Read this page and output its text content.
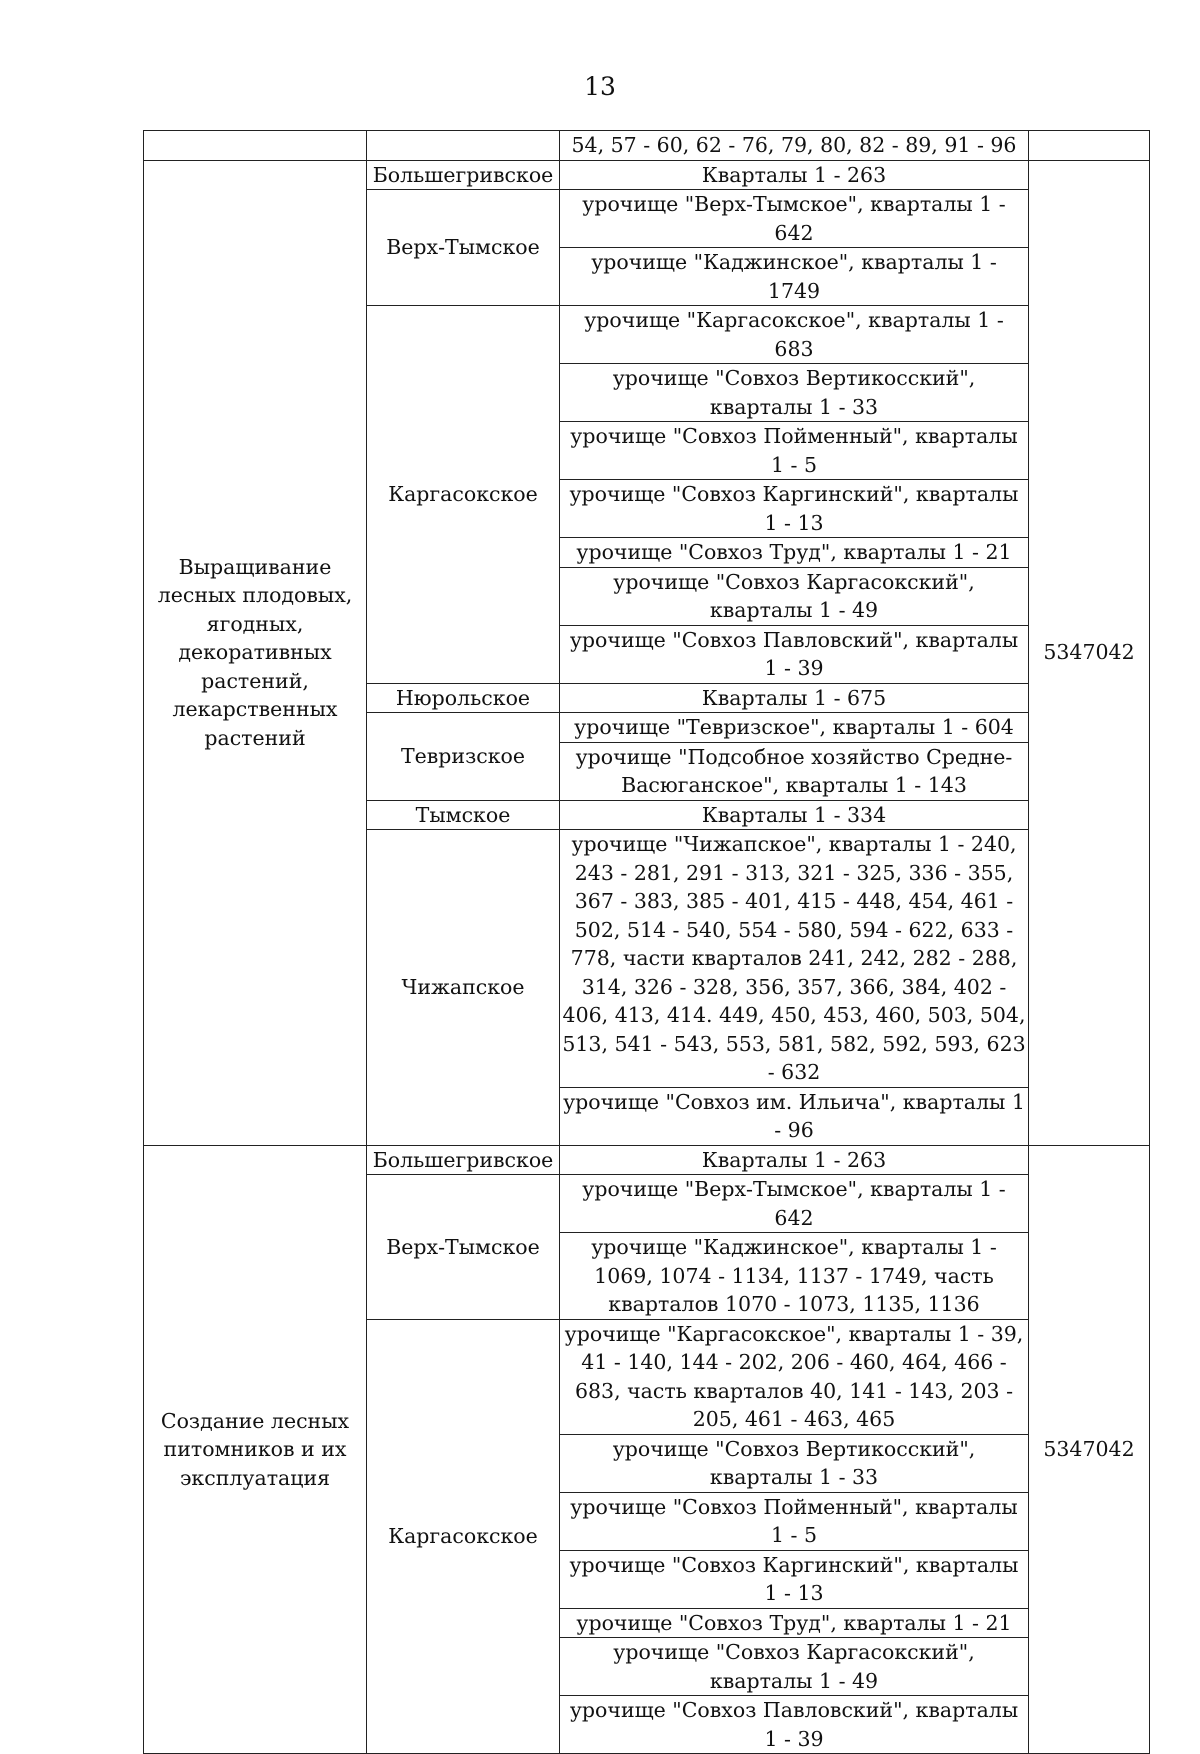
13
		54, 57 - 60, 62 - 76, 79, 80, 82 - 89, 91 - 96	
Выращивание лесных плодовых, ягодных, декоративных растений, лекарственных растений	Большегривское	Кварталы 1 - 263	5347042
	Верх-Тымское	урочище "Верх-Тымское", кварталы 1 - 642	
		урочище "Каджинское", кварталы 1 - 1749	
	Каргасокское	урочище "Каргасокское", кварталы 1 - 683	
		урочище "Совхоз Вертикосский", кварталы 1 - 33	
		урочище "Совхоз Пойменный", кварталы 1 - 5	
		урочище "Совхоз Каргинский", кварталы 1 - 13	
		урочище "Совхоз Труд", кварталы 1 - 21	
		урочище "Совхоз Каргасокский", кварталы 1 - 49	
		урочище "Совхоз Павловский", кварталы 1 - 39	
	Нюрольское	Кварталы 1 - 675	
	Тевризское	урочище "Тевризское", кварталы 1 - 604	
		урочище "Подсобное хозяйство Средне-Васюганское", кварталы 1 - 143	
	Тымское	Кварталы 1 - 334	
	Чижапское	урочище "Чижапское", кварталы 1 - 240, 243 - 281, 291 - 313, 321 - 325, 336 - 355, 367 - 383, 385 - 401, 415 - 448, 454, 461 - 502, 514 - 540, 554 - 580, 594 - 622, 633 - 778, части кварталов 241, 242, 282 - 288, 314, 326 - 328, 356, 357, 366, 384, 402 - 406, 413, 414. 449, 450, 453, 460, 503, 504, 513, 541 - 543, 553, 581, 582, 592, 593, 623 - 632	
		урочище "Совхоз им. Ильича", кварталы 1 - 96	
Создание лесных питомников и их эксплуатация	Большегривское	Кварталы 1 - 263	5347042
	Верх-Тымское	урочище "Верх-Тымское", кварталы 1 - 642	
		урочище "Каджинское", кварталы 1 - 1069, 1074 - 1134, 1137 - 1749, часть кварталов 1070 - 1073, 1135, 1136	
	Каргасокское	урочище "Каргасокское", кварталы 1 - 39, 41 - 140, 144 - 202, 206 - 460, 464, 466 - 683, часть кварталов 40, 141 - 143, 203 - 205, 461 - 463, 465	
		урочище "Совхоз Вертикосский", кварталы 1 - 33	
		урочище "Совхоз Пойменный", кварталы 1 - 5	
		урочище "Совхоз Каргинский", кварталы 1 - 13	
		урочище "Совхоз Труд", кварталы 1 - 21	
		урочище "Совхоз Каргасокский", кварталы 1 - 49	
		урочище "Совхоз Павловский", кварталы 1 - 39	
